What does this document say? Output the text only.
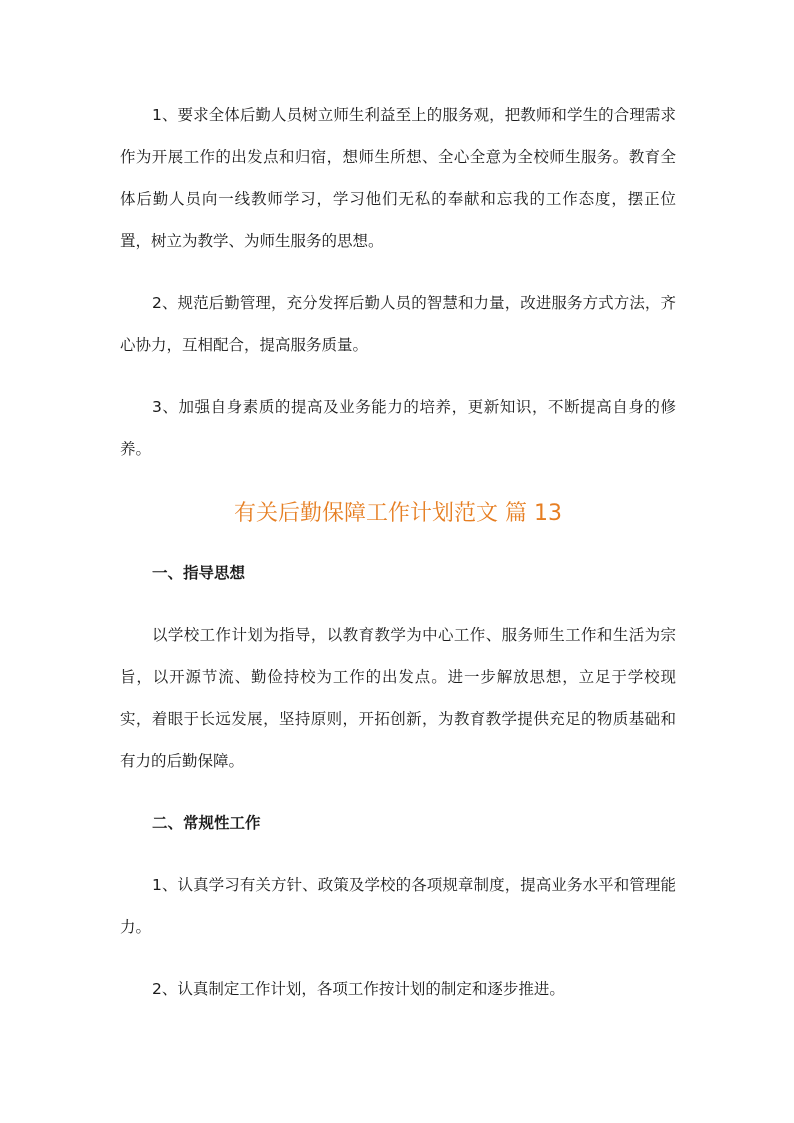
1、要求全体后勤人员树立师生利益至上的服务观，把教师和学生的合理需求作为开展工作的出发点和归宿，想师生所想、全心全意为全校师生服务。教育全体后勤人员向一线教师学习，学习他们无私的奉献和忘我的工作态度，摆正位置，树立为教学、为师生服务的思想。

2、规范后勤管理，充分发挥后勤人员的智慧和力量，改进服务方式方法，齐心协力，互相配合，提高服务质量。

3、加强自身素质的提高及业务能力的培养，更新知识，不断提高自身的修养。

有关后勤保障工作计划范文 篇 13
一、指导思想

以学校工作计划为指导，以教育教学为中心工作、服务师生工作和生活为宗旨，以开源节流、勤俭持校为工作的出发点。进一步解放思想，立足于学校现实，着眼于长远发展，坚持原则，开拓创新，为教育教学提供充足的物质基础和有力的后勤保障。

二、常规性工作

1、认真学习有关方针、政策及学校的各项规章制度，提高业务水平和管理能力。

2、认真制定工作计划，各项工作按计划的制定和逐步推进。
